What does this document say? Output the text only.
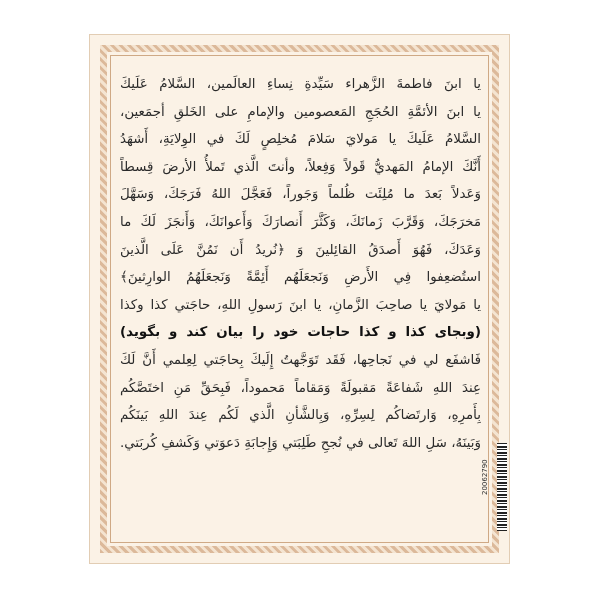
يا ابنَ فاطمةَ الزَّهراء سَيِّدةِ نِساءِ العالَمين، السَّلامُ عَلَيكَ
يا ابنَ الأئمَّةِ الحُجَجِ المَعصومين والإمامِ على الخَلقِ أجمَعين،
السَّلامُ عَلَيكَ يا مَولايَ سَلامَ مُخلِصٍ لَكَ في الوِلايَةِ، أَشهَدُ
أَنَّكَ الإمامُ المَهديُّ قَولاً وَفِعلاً، وأنتَ الَّذي تَملأُ الأرضَ قِسطاً
وَعَدلاً بَعدَ ما مُلِئَت ظُلماً وَجَوراً، فَعَجَّلَ اللهُ فَرَجَكَ، وَسَهَّلَ
مَخرَجَكَ، وَقَرَّبَ زَمانَكَ، وَكَثَّرَ أَنصارَكَ وَأَعوانَكَ، وَأَنجَزَ لَكَ ما
وَعَدَكَ، فَهُوَ أَصدَقُ القائِلينَ وَ ﴿نُريدُ أَن نَمُنَّ عَلَى الَّذينَ
استُضعِفوا فِي الأَرضِ وَنَجعَلَهُم أَئِمَّةً وَنَجعَلَهُمُ الوارِثينَ﴾
يا مَولايَ يا صاحِبَ الزَّمانِ، يا ابنَ رَسولِ اللهِ، حاجَتي كذا وكذا
(وبجای کذا و کذا حاجات خود را بیان کند و بگوید)
فَاشفَع لي في نَجاحِها، فَقَد تَوَجَّهتُ إِلَيكَ بِحاجَتي لِعِلمي أَنَّ لَكَ
عِندَ اللهِ شَفاعَةً مَقبولَةً وَمَقاماً مَحموداً، فَبِحَقِّ مَنِ اختَصَّكُم
بِأَمرِهِ، وَارتَضاكُم لِسِرِّهِ، وَبِالشَّأنِ الَّذي لَكُم عِندَ اللهِ بَينَكُم
وَبَينَهُ، سَلِ اللهَ تَعالى في نُجحِ طَلِبَتي وَإِجابَةِ دَعوَتي وَكَشفِ كُربَتي.
20062790
